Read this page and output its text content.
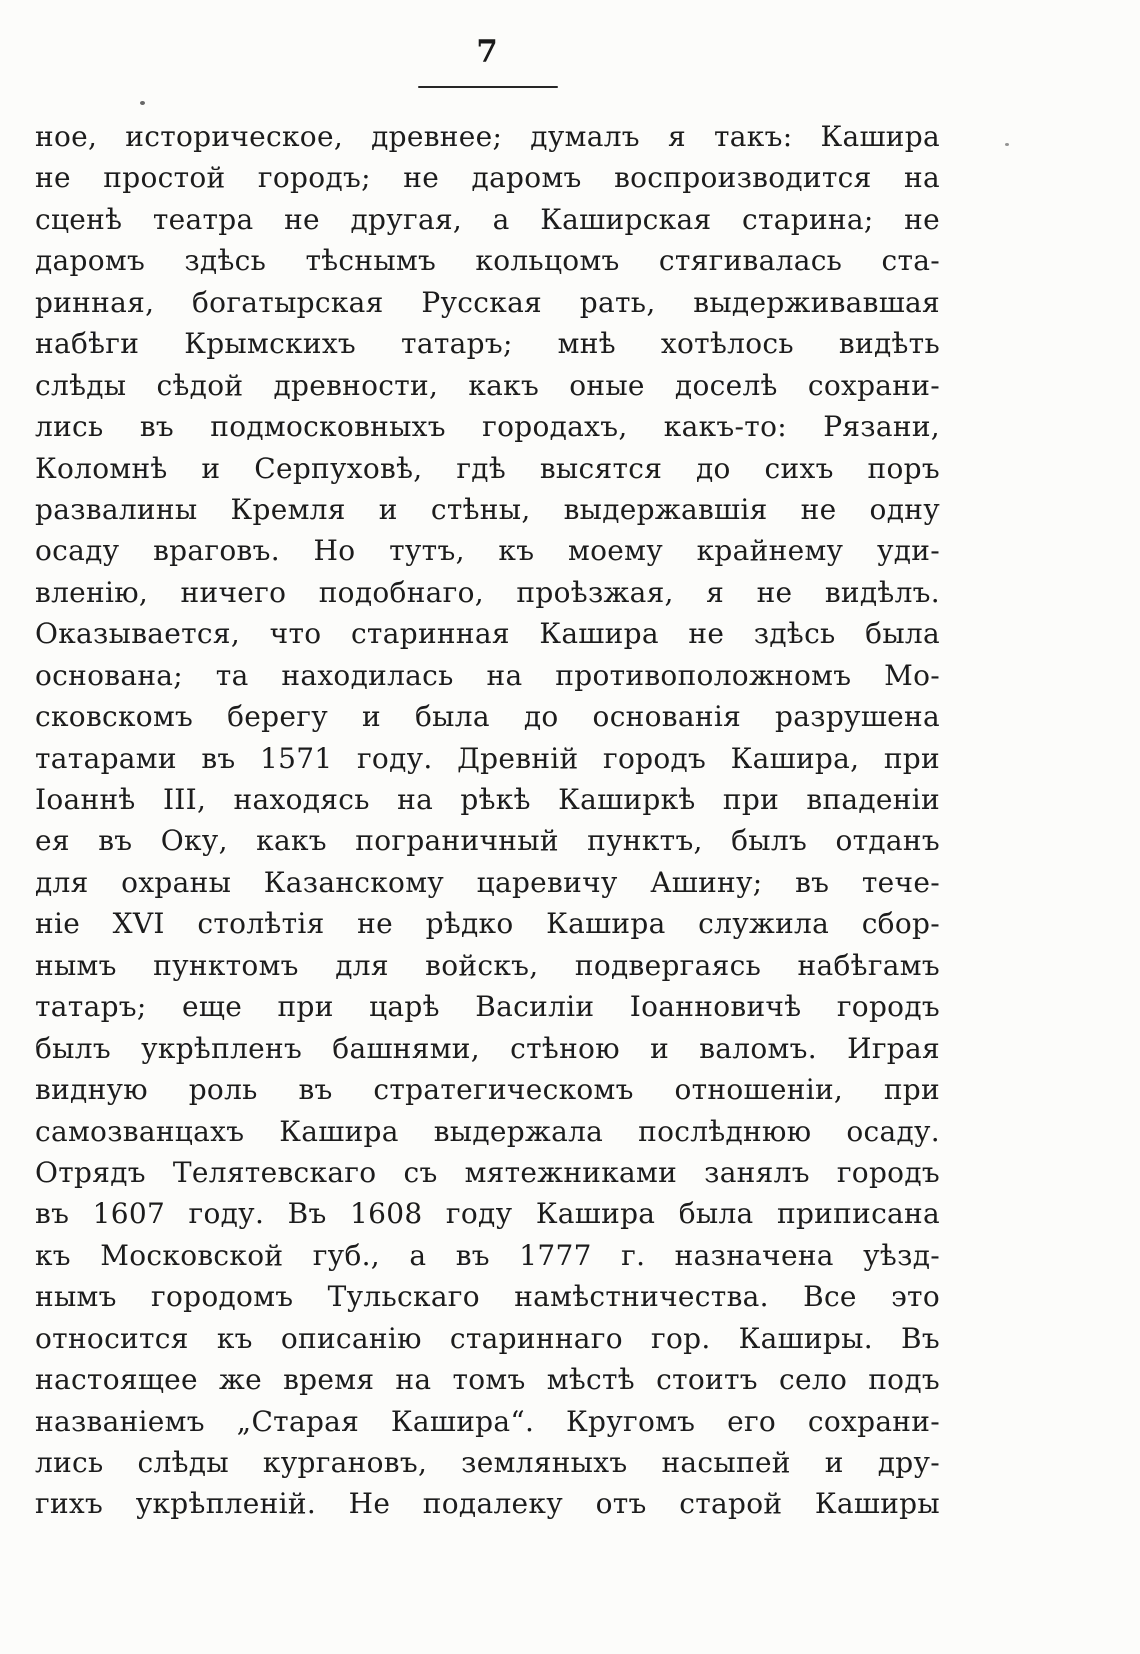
7
ное, историческое, древнее; думалъ я такъ: Кашира
не простой городъ; не даромъ воспроизводится на
сценѣ театра не другая, а Каширская старина; не
даромъ здѣсь тѣснымъ кольцомъ стягивалась ста-
ринная, богатырская Русская рать, выдерживавшая
набѣги Крымскихъ татаръ; мнѣ хотѣлось видѣть
слѣды сѣдой древности, какъ оные доселѣ сохрани-
лись въ подмосковныхъ городахъ, какъ-то: Рязани,
Коломнѣ и Серпуховѣ, гдѣ высятся до сихъ поръ
развалины Кремля и стѣны, выдержавшія не одну
осаду враговъ. Но тутъ, къ моему крайнему уди-
вленію, ничего подобнаго, проѣзжая, я не видѣлъ.
Оказывается, что старинная Кашира не здѣсь была
основана; та находилась на противоположномъ Мо-
сковскомъ берегу и была до основанія разрушена
татарами въ 1571 году. Древній городъ Кашира, при
Іоаннѣ III, находясь на рѣкѣ Каширкѣ при впаденіи
ея въ Оку, какъ пограничный пунктъ, былъ отданъ
для охраны Казанскому царевичу Ашину; въ тече-
ніе XVI столѣтія не рѣдко Кашира служила сбор-
нымъ пунктомъ для войскъ, подвергаясь набѣгамъ
татаръ; еще при царѣ Василіи Іоанновичѣ городъ
былъ укрѣпленъ башнями, стѣною и валомъ. Играя
видную роль въ стратегическомъ отношеніи, при
самозванцахъ Кашира выдержала послѣднюю осаду.
Отрядъ Телятевскаго съ мятежниками занялъ городъ
въ 1607 году. Въ 1608 году Кашира была приписана
къ Московской губ., а въ 1777 г. назначена уѣзд-
нымъ городомъ Тульскаго намѣстничества. Все это
относится къ описанію стариннаго гор. Каширы. Въ
настоящее же время на томъ мѣстѣ стоитъ село подъ
названіемъ „Старая Кашира“. Кругомъ его сохрани-
лись слѣды кургановъ, земляныхъ насыпей и дру-
гихъ укрѣпленій. Не подалеку отъ старой Каширы
